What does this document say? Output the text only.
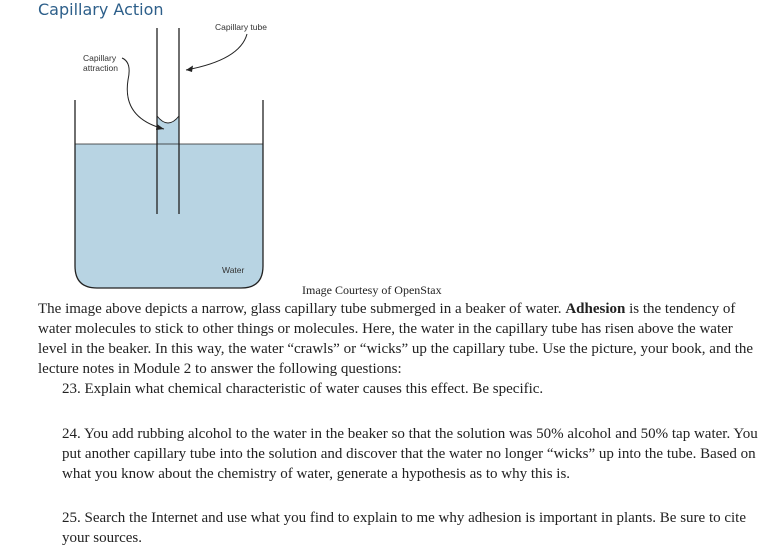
Capillary Action
Capillary tube
Capillary
attraction
Water
Image Courtesy of OpenStax

The image above depicts a narrow, glass capillary tube submerged in a beaker of water. Adhesion is the tendency of water molecules to stick to other things or molecules. Here, the water in the capillary tube has risen above the water level in the beaker. In this way, the water “crawls” or “wicks” up the capillary tube. Use the picture, your book, and the lecture notes in Module 2 to answer the following questions:

23. Explain what chemical characteristic of water causes this effect. Be specific.

24. You add rubbing alcohol to the water in the beaker so that the solution was 50% alcohol and 50% tap water. You put another capillary tube into the solution and discover that the water no longer “wicks” up into the tube. Based on what you know about the chemistry of water, generate a hypothesis as to why this is.

25. Search the Internet and use what you find to explain to me why adhesion is important in plants. Be sure to cite your sources.
